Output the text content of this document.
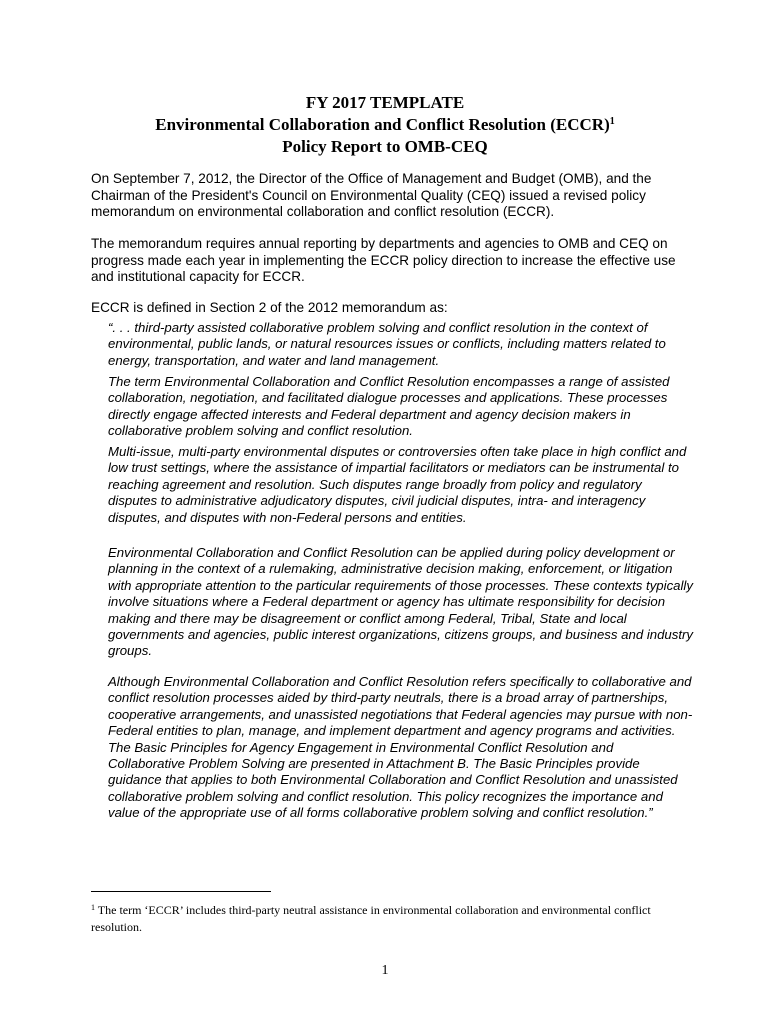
FY 2017 TEMPLATE
Environmental Collaboration and Conflict Resolution (ECCR)$^1$
Policy Report to OMB-CEQ

On September 7, 2012, the Director of the Office of Management and Budget (OMB), and the Chairman of the President's Council on Environmental Quality (CEQ) issued a revised policy memorandum on environmental collaboration and conflict resolution (ECCR).

The memorandum requires annual reporting by departments and agencies to OMB and CEQ on progress made each year in implementing the ECCR policy direction to increase the effective use and institutional capacity for ECCR.

ECCR is defined in Section 2 of the 2012 memorandum as:

“. . . third-party assisted collaborative problem solving and conflict resolution in the context of environmental, public lands, or natural resources issues or conflicts, including matters related to energy, transportation, and water and land management.

The term Environmental Collaboration and Conflict Resolution encompasses a range of assisted collaboration, negotiation, and facilitated dialogue processes and applications. These processes directly engage affected interests and Federal department and agency decision makers in collaborative problem solving and conflict resolution.

Multi-issue, multi-party environmental disputes or controversies often take place in high conflict and low trust settings, where the assistance of impartial facilitators or mediators can be instrumental to reaching agreement and resolution. Such disputes range broadly from policy and regulatory disputes to administrative adjudicatory disputes, civil judicial disputes, intra- and interagency disputes, and disputes with non-Federal persons and entities.

Environmental Collaboration and Conflict Resolution can be applied during policy development or planning in the context of a rulemaking, administrative decision making, enforcement, or litigation with appropriate attention to the particular requirements of those processes. These contexts typically involve situations where a Federal department or agency has ultimate responsibility for decision making and there may be disagreement or conflict among Federal, Tribal, State and local governments and agencies, public interest organizations, citizens groups, and business and industry groups.

Although Environmental Collaboration and Conflict Resolution refers specifically to collaborative and conflict resolution processes aided by third-party neutrals, there is a broad array of partnerships, cooperative arrangements, and unassisted negotiations that Federal agencies may pursue with non-Federal entities to plan, manage, and implement department and agency programs and activities. The Basic Principles for Agency Engagement in Environmental Conflict Resolution and Collaborative Problem Solving are presented in Attachment B. The Basic Principles provide guidance that applies to both Environmental Collaboration and Conflict Resolution and unassisted collaborative problem solving and conflict resolution. This policy recognizes the importance and value of the appropriate use of all forms collaborative problem solving and conflict resolution.”

$^1$ The term ‘ECCR’ includes third-party neutral assistance in environmental collaboration and environmental conflict resolution.
1
